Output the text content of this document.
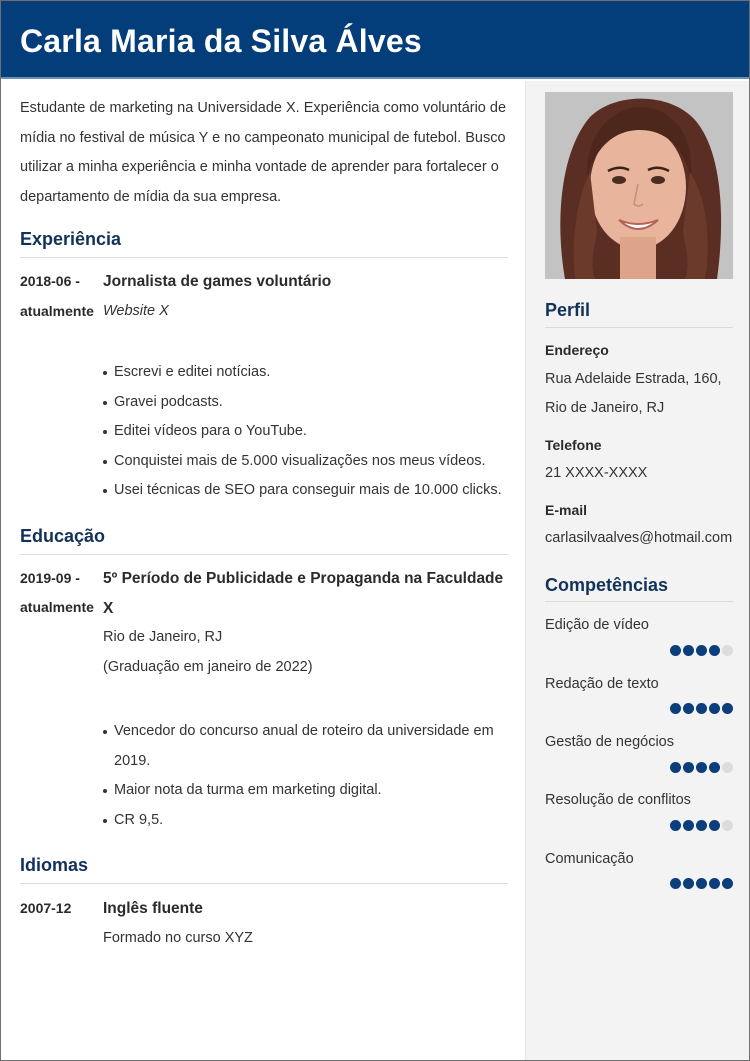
Carla Maria da Silva Álves

Estudante de marketing na Universidade X. Experiência como voluntário de mídia no festival de música Y e no campeonato municipal de futebol. Busco utilizar a minha experiência e minha vontade de aprender para fortalecer o departamento de mídia da sua empresa.

Experiência
2018-06 -
atualmente
Jornalista de games voluntário
Website X
Escrevi e editei notícias.
Gravei podcasts.
Editei vídeos para o YouTube.
Conquistei mais de 5.000 visualizações nos meus vídeos.
Usei técnicas de SEO para conseguir mais de 10.000 clicks.
Educação
2019-09 -
atualmente
5º Período de Publicidade e Propaganda na Faculdade
X
Rio de Janeiro, RJ
(Graduação em janeiro de 2022)
Vencedor do concurso anual de roteiro da universidade em
2019.
Maior nota da turma em marketing digital.
CR 9,5.
Idiomas
2007-12	Inglês fluente
Formado no curso XYZ
Perfil
Endereço
Rua Adelaide Estrada, 160,
Rio de Janeiro, RJ
Telefone
21 XXXX-XXXX
E-mail
carlasilvaalves@hotmail.com
Competências
Edição de vídeo
Redação de texto
Gestão de negócios
Resolução de conflitos
Comunicação
